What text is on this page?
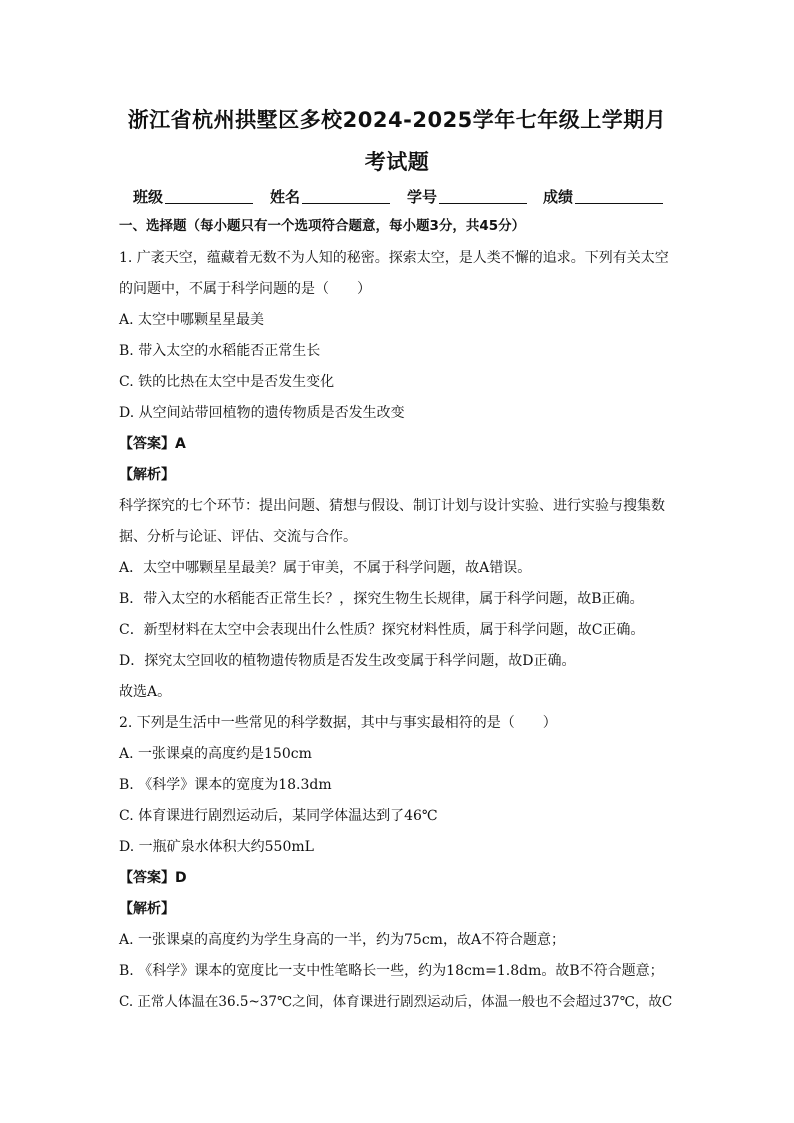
浙江省杭州拱墅区多校2024-2025学年七年级上学期月
考试题
班级	姓名	学号	成绩
一、选择题（每小题只有一个选项符合题意，每小题3分，共45分）
1. 广袤天空，蕴藏着无数不为人知的秘密。探索太空，是人类不懈的追求。下列有关太空
的问题中，不属于科学问题的是（　　）
A. 太空中哪颗星星最美
B. 带入太空的水稻能否正常生长
C. 铁的比热在太空中是否发生变化
D. 从空间站带回植物的遗传物质是否发生改变
【答案】A
【解析】
科学探究的七个环节：提出问题、猜想与假设、制订计划与设计实验、进行实验与搜集数
据、分析与论证、评估、交流与合作。
A．太空中哪颗星星最美？属于审美，不属于科学问题，故A错误。
B．带入太空的水稻能否正常生长？，探究生物生长规律，属于科学问题，故B正确。
C．新型材料在太空中会表现出什么性质？探究材料性质，属于科学问题，故C正确。
D．探究太空回收的植物遗传物质是否发生改变属于科学问题，故D正确。
故选A。
2. 下列是生活中一些常见的科学数据，其中与事实最相符的是（　　）
A. 一张课桌的高度约是150cm
B. 《科学》课本的宽度为18.3dm
C. 体育课进行剧烈运动后，某同学体温达到了46℃
D. 一瓶矿泉水体积大约550mL
【答案】D
【解析】
A. 一张课桌的高度约为学生身高的一半，约为75cm，故A不符合题意；
B. 《科学》课本的宽度比一支中性笔略长一些，约为18cm=1.8dm。故B不符合题意；
C. 正常人体温在36.5~37℃之间，体育课进行剧烈运动后，体温一般也不会超过37℃，故C
